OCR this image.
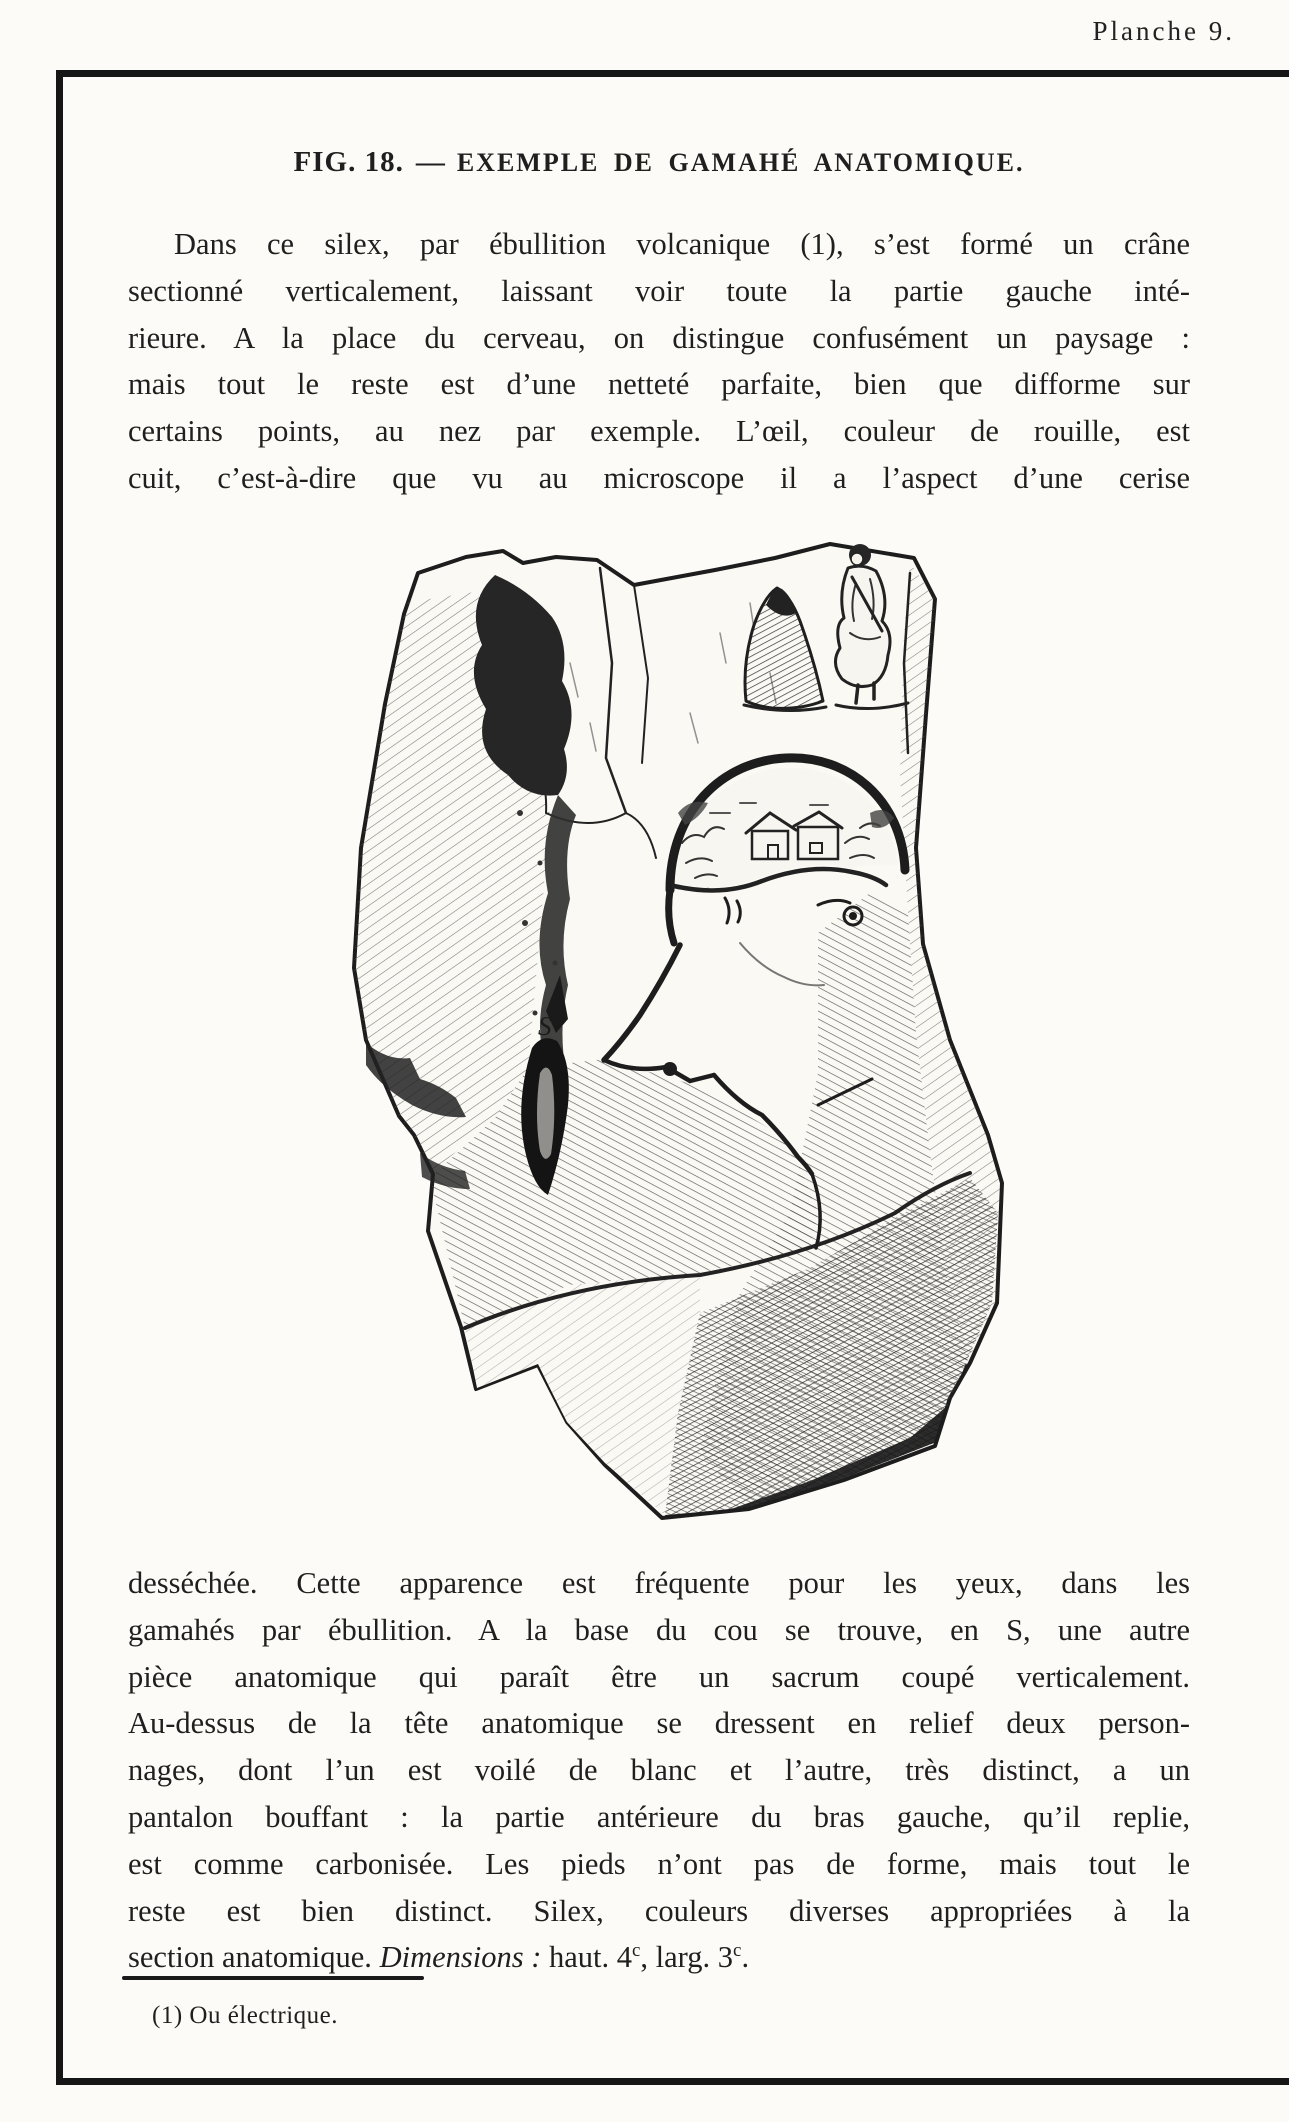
Planche 9.
FIG. 18. — EXEMPLE DE GAMAHÉ ANATOMIQUE.
Dans ce silex, par ébullition volcanique (1), s’est formé un crâne
sectionné verticalement, laissant voir toute la partie gauche inté-
rieure. A la place du cerveau, on distingue confusément un paysage :
mais tout le reste est d’une netteté parfaite, bien que difforme sur
certains points, au nez par exemple. L’œil, couleur de rouille, est
cuit, c’est-à-dire que vu au microscope il a l’aspect d’une cerise
S
desséchée. Cette apparence est fréquente pour les yeux, dans les
gamahés par ébullition. A la base du cou se trouve, en S, une autre
pièce anatomique qui paraît être un sacrum coupé verticalement.
Au-dessus de la tête anatomique se dressent en relief deux person-
nages, dont l’un est voilé de blanc et l’autre, très distinct, a un
pantalon bouffant : la partie antérieure du bras gauche, qu’il replie,
est comme carbonisée. Les pieds n’ont pas de forme, mais tout le
reste est bien distinct. Silex, couleurs diverses appropriées à la
section anatomique. Dimensions : haut. 4$^c$, larg. 3$^c$.
(1) Ou électrique.
